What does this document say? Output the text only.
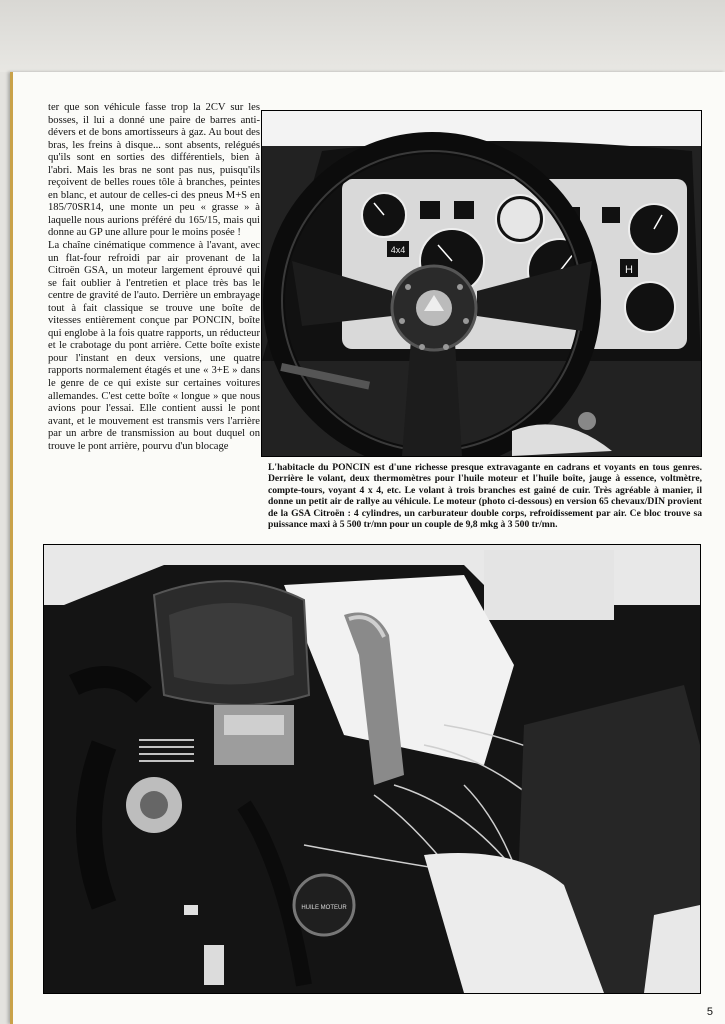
ter que son véhicule fasse trop la 2CV sur les bosses, il lui a donné une paire de barres anti-dévers et de bons amortisseurs à gaz. Au bout des bras, les freins à disque... sont absents, relégués qu'ils sont en sorties des différentiels, bien à l'abri. Mais les bras ne sont pas nus, puisqu'ils reçoivent de belles roues tôle à branches, peintes en blanc, et autour de celles-ci des pneus M+S en 185/70SR14, une monte un peu « grasse » à laquelle nous aurions préféré du 165/15, mais qui donne au GP une allure pour le moins posée !

La chaîne cinématique commence à l'avant, avec un flat-four refroidi par air provenant de la Citroën GSA, un moteur largement éprouvé qui se fait oublier à l'entretien et place très bas le centre de gravité de l'auto. Derrière un embrayage tout à fait classique se trouve une boîte de vitesses entièrement conçue par PONCIN, boîte qui englobe à la fois quatre rapports, un réducteur et le crabotage du pont arrière. Cette boîte existe pour l'instant en deux versions, une quatre rapports normalement étagés et une « 3+E » dans le genre de ce qui existe sur certaines voitures allemandes. C'est cette boîte « longue » que nous avions pour l'essai. Elle contient aussi le pont avant, et le mouvement est transmis vers l'arrière par un arbre de transmission au bout duquel on trouve le pont arrière, pourvu d'un blocage

4x4
H
L'habitacle du PONCIN est d'une richesse presque extravagante en cadrans et voyants en tous genres. Derrière le volant, deux thermomètres pour l'huile moteur et l'huile boîte, jauge à essence, voltmètre, compte-tours, voyant 4 x 4, etc. Le volant à trois branches est gainé de cuir. Très agréable à manier, il donne un petit air de rallye au véhicule. Le moteur (photo ci-dessous) en version 65 chevaux/DIN provient de la GSA Citroën : 4 cylindres, un carburateur double corps, refroidissement par air. Ce bloc trouve sa puissance maxi à 5 500 tr/mn pour un couple de 9,8 mkg à 3 500 tr/mn.
HUILE MOTEUR
5
